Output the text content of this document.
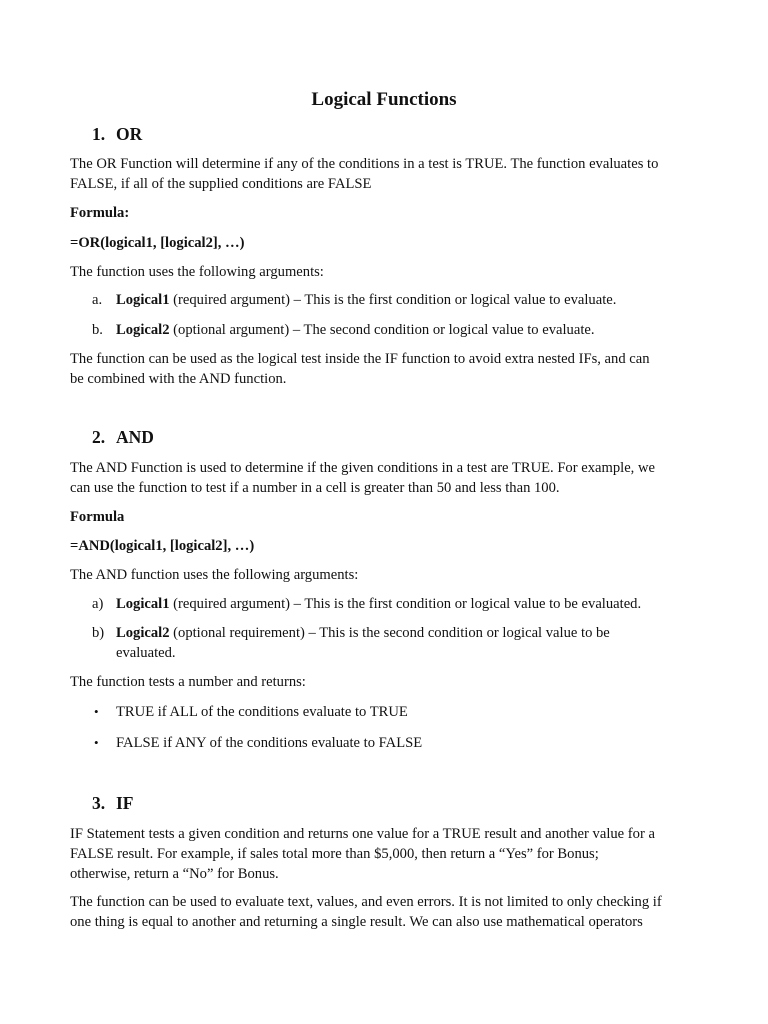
Logical Functions
1. OR
The OR Function will determine if any of the conditions in a test is TRUE. The function evaluates to
FALSE, if all of the supplied conditions are FALSE
Formula:
=OR(logical1, [logical2], …)
The function uses the following arguments:
a. Logical1 (required argument) – This is the first condition or logical value to evaluate.
b. Logical2 (optional argument) – The second condition or logical value to evaluate.
The function can be used as the logical test inside the IF function to avoid extra nested IFs, and can
be combined with the AND function.
2. AND
The AND Function is used to determine if the given conditions in a test are TRUE. For example, we
can use the function to test if a number in a cell is greater than 50 and less than 100.
Formula
=AND(logical1, [logical2], …)
The AND function uses the following arguments:
a) Logical1 (required argument) – This is the first condition or logical value to be evaluated.
b) Logical2 (optional requirement) – This is the second condition or logical value to be
evaluated.
The function tests a number and returns:
• TRUE if ALL of the conditions evaluate to TRUE
• FALSE if ANY of the conditions evaluate to FALSE
3. IF
IF Statement tests a given condition and returns one value for a TRUE result and another value for a
FALSE result. For example, if sales total more than $5,000, then return a “Yes” for Bonus;
otherwise, return a “No” for Bonus.
The function can be used to evaluate text, values, and even errors. It is not limited to only checking if
one thing is equal to another and returning a single result. We can also use mathematical operators
